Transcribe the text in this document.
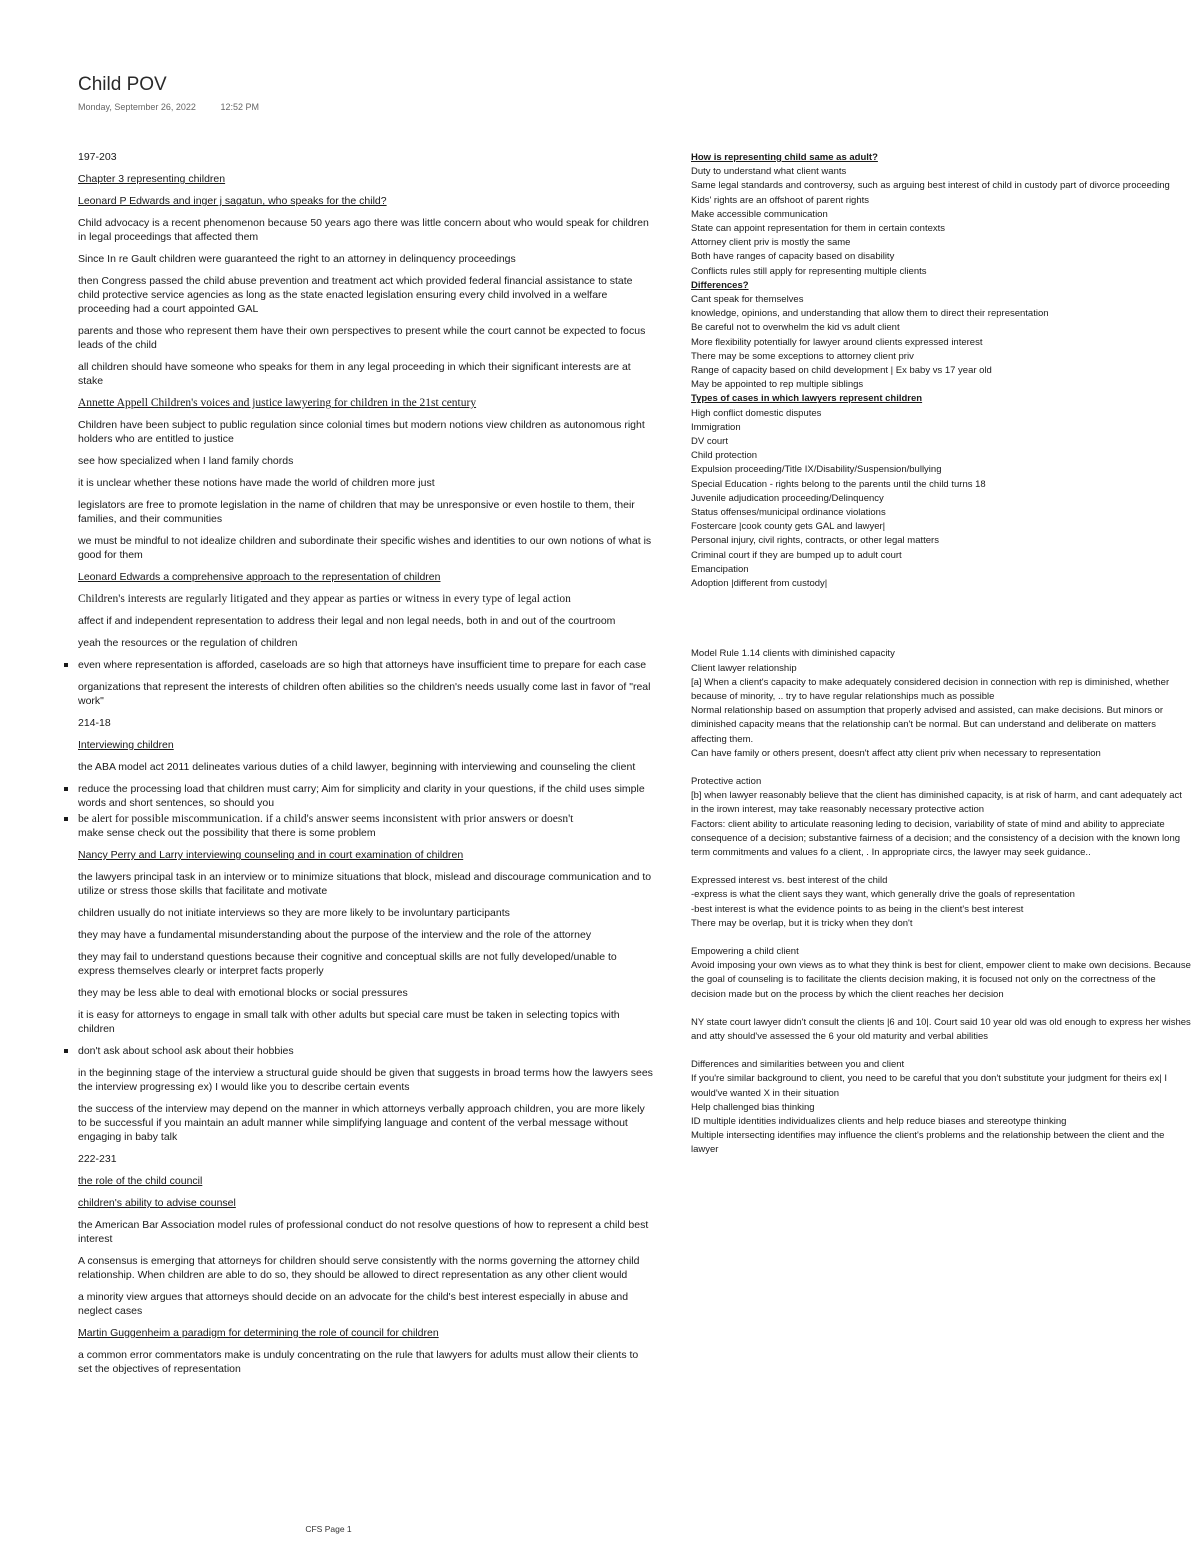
Child POV
Monday, September 26, 2022	12:52 PM

197-203

Chapter 3 representing children

Leonard P Edwards and inger j sagatun, who speaks for the child?

Child advocacy is a recent phenomenon because 50 years ago there was little concern about who would speak for children in legal proceedings that affected them

Since In re Gault children were guaranteed the right to an attorney in delinquency proceedings

then Congress passed the child abuse prevention and treatment act which provided federal financial assistance to state child protective service agencies as long as the state enacted legislation ensuring every child involved in a welfare proceeding had a court appointed GAL

parents and those who represent them have their own perspectives to present while the court cannot be expected to focus leads of the child

all children should have someone who speaks for them in any legal proceeding in which their significant interests are at stake

Annette Appell Children's voices and justice lawyering for children in the 21st century

Children have been subject to public regulation since colonial times but modern notions view children as autonomous right holders who are entitled to justice

see how specialized when I land family chords

it is unclear whether these notions have made the world of children more just

legislators are free to promote legislation in the name of children that may be unresponsive or even hostile to them, their families, and their communities

we must be mindful to not idealize children and subordinate their specific wishes and identities to our own notions of what is good for them

Leonard Edwards a comprehensive approach to the representation of children

Children's interests are regularly litigated and they appear as parties or witness in every type of legal action

affect if and independent representation to address their legal and non legal needs, both in and out of the courtroom

yeah the resources or the regulation of children

even where representation is afforded, caseloads are so high that attorneys have insufficient time to prepare for each case

organizations that represent the interests of children often abilities so the children's needs usually come last in favor of "real work"

214-18

Interviewing children

the ABA model act 2011 delineates various duties of a child lawyer, beginning with interviewing and counseling the client

reduce the processing load that children must carry; Aim for simplicity and clarity in your questions, if the child uses simple words and short sentences, so should you

be alert for possible miscommunication. if a child's answer seems inconsistent with prior answers or doesn't

make sense check out the possibility that there is some problem

Nancy Perry and Larry interviewing counseling and in court examination of children

the lawyers principal task in an interview or to minimize situations that block, mislead and discourage communication and to utilize or stress those skills that facilitate and motivate

children usually do not initiate interviews so they are more likely to be involuntary participants

they may have a fundamental misunderstanding about the purpose of the interview and the role of the attorney

they may fail to understand questions because their cognitive and conceptual skills are not fully developed/unable to express themselves clearly or interpret facts properly

they may be less able to deal with emotional blocks or social pressures

it is easy for attorneys to engage in small talk with other adults but special care must be taken in selecting topics with children

don't ask about school ask about their hobbies

in the beginning stage of the interview a structural guide should be given that suggests in broad terms how the lawyers sees the interview progressing ex) I would like you to describe certain events

the success of the interview may depend on the manner in which attorneys verbally approach children, you are more likely to be successful if you maintain an adult manner while simplifying language and content of the verbal message without engaging in baby talk

222-231

the role of the child council

children's ability to advise counsel

the American Bar Association model rules of professional conduct do not resolve questions of how to represent a child best interest

A consensus is emerging that attorneys for children should serve consistently with the norms governing the attorney child relationship. When children are able to do so, they should be allowed to direct representation as any other client would

a minority view argues that attorneys should decide on an advocate for the child's best interest especially in abuse and neglect cases

Martin Guggenheim a paradigm for determining the role of council for children

a common error commentators make is unduly concentrating on the rule that lawyers for adults must allow their clients to set the objectives of representation

How is representing child same as adult?
Duty to understand what client wants
Same legal standards and controversy, such as arguing best interest of child in custody part of divorce proceeding
Kids' rights are an offshoot of parent rights
Make accessible communication
State can appoint representation for them in certain contexts
Attorney client priv is mostly the same
Both have ranges of capacity based on disability
Conflicts rules still apply for representing multiple clients
Differences?
Cant speak for themselves
knowledge, opinions, and understanding that allow them to direct their representation
Be careful not to overwhelm the kid vs adult client
More flexibility potentially for lawyer around clients expressed interest
There may be some exceptions to attorney client priv
Range of capacity based on child development | Ex baby vs 17 year old
May be appointed to rep multiple siblings
Types of cases in which lawyers represent children
High conflict domestic disputes
Immigration
DV court
Child protection
Expulsion proceeding/Title IX/Disability/Suspension/bullying
Special Education - rights belong to the parents until the child turns 18
Juvenile adjudication proceeding/Delinquency
Status offenses/municipal ordinance violations
Fostercare |cook county gets GAL and lawyer|
Personal injury, civil rights, contracts, or other legal matters
Criminal court if they are bumped up to adult court
Emancipation
Adoption |different from custody|
Model Rule 1.14 clients with diminished capacity
Client lawyer relationship
[a] When a client's capacity to make adequately considered decision in connection with rep is diminished, whether because of minority, .. try to have regular relationships much as possible
Normal relationship based on assumption that properly advised and assisted, can make decisions. But minors or diminished capacity means that the relationship can't be normal. But can understand and deliberate on matters affecting them.
Can have family or others present, doesn't affect atty client priv when necessary to representation
Protective action
[b] when lawyer reasonably believe that the client has diminished capacity, is at risk of harm, and cant adequately act in the irown interest, may take reasonably necessary protective action
Factors: client ability to articulate reasoning leding to decision, variability of state of mind and ability to appreciate consequence of a decision; substantive fairness of a decision; and the consistency of a decision with the known long term commitments and values fo a client, . In appropriate circs, the lawyer may seek guidance..
Expressed interest vs. best interest of the child
-express is what the client says they want, which generally drive the goals of representation
-best interest is what the evidence points to as being in the client's best interest
There may be overlap, but it is tricky when they don't
Empowering a child client
Avoid imposing your own views as to what they think is best for client, empower client to make own decisions. Because the goal of counseling is to facilitate the clients decision making, it is focused not only on the correctness of the decision made but on the process by which the client reaches her decision
NY state court lawyer didn't consult the clients |6 and 10|. Court said 10 year old was old enough to express her wishes and atty should've assessed the 6 your old maturity and verbal abilities
Differences and similarities between you and client
If you're similar background to client, you need to be careful that you don't substitute your judgment for theirs ex| I would've wanted X in their situation
Help challenged bias thinking
ID multiple identities individualizes clients and help reduce biases and stereotype thinking
Multiple intersecting identifies may influence the client's problems and the relationship between the client and the lawyer
CFS Page 1
